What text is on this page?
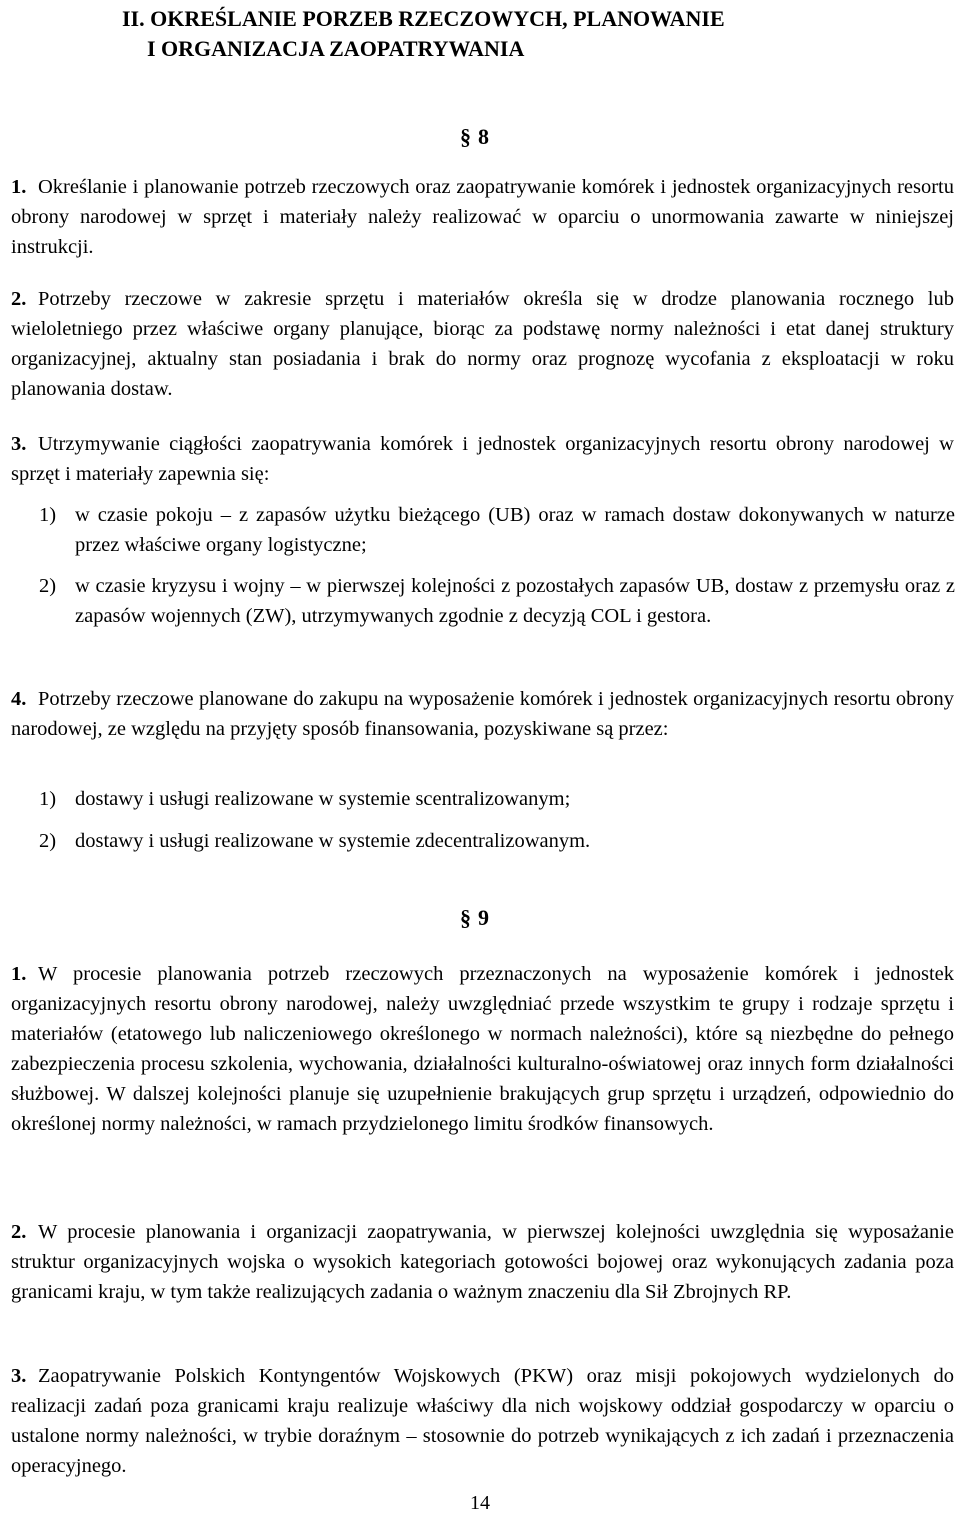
II. OKREŚLANIE PORZEB RZECZOWYCH, PLANOWANIE
I ORGANIZACJA ZAOPATRYWANIA
§ 8
1. Określanie i planowanie potrzeb rzeczowych oraz zaopatrywanie komórek i jednostek organizacyjnych resortu obrony narodowej w sprzęt i materiały należy realizować w oparciu o unormowania zawarte w niniejszej instrukcji.
2. Potrzeby rzeczowe w zakresie sprzętu i materiałów określa się w drodze planowania rocznego lub wieloletniego przez właściwe organy planujące, biorąc za podstawę normy należności i etat danej struktury organizacyjnej, aktualny stan posiadania i brak do normy oraz prognozę wycofania z eksploatacji w roku planowania dostaw.
3. Utrzymywanie ciągłości zaopatrywania komórek i jednostek organizacyjnych resortu obrony narodowej w sprzęt i materiały zapewnia się:
1) w czasie pokoju – z zapasów użytku bieżącego (UB) oraz w ramach dostaw dokonywanych w naturze przez właściwe organy logistyczne;
2) w czasie kryzysu i wojny – w pierwszej kolejności z pozostałych zapasów UB, dostaw z przemysłu oraz z zapasów wojennych (ZW), utrzymywanych zgodnie z decyzją COL i gestora.
4. Potrzeby rzeczowe planowane do zakupu na wyposażenie komórek i jednostek organizacyjnych resortu obrony narodowej, ze względu na przyjęty sposób finansowania, pozyskiwane są przez:
1) dostawy i usługi realizowane w systemie scentralizowanym;
2) dostawy i usługi realizowane w systemie zdecentralizowanym.
§ 9
1. W procesie planowania potrzeb rzeczowych przeznaczonych na wyposażenie komórek i jednostek organizacyjnych resortu obrony narodowej, należy uwzględniać przede wszystkim te grupy i rodzaje sprzętu i materiałów (etatowego lub naliczeniowego określonego w normach należności), które są niezbędne do pełnego zabezpieczenia procesu szkolenia, wychowania, działalności kulturalno-oświatowej oraz innych form działalności służbowej. W dalszej kolejności planuje się uzupełnienie brakujących grup sprzętu i urządzeń, odpowiednio do określonej normy należności, w ramach przydzielonego limitu środków finansowych.
2. W procesie planowania i organizacji zaopatrywania, w pierwszej kolejności uwzględnia się wyposażanie struktur organizacyjnych wojska o wysokich kategoriach gotowości bojowej oraz wykonujących zadania poza granicami kraju, w tym także realizujących zadania o ważnym znaczeniu dla Sił Zbrojnych RP.
3. Zaopatrywanie Polskich Kontyngentów Wojskowych (PKW) oraz misji pokojowych wydzielonych do realizacji zadań poza granicami kraju realizuje właściwy dla nich wojskowy oddział gospodarczy w oparciu o ustalone normy należności, w trybie doraźnym – stosownie do potrzeb wynikających z ich zadań i przeznaczenia operacyjnego.
14
